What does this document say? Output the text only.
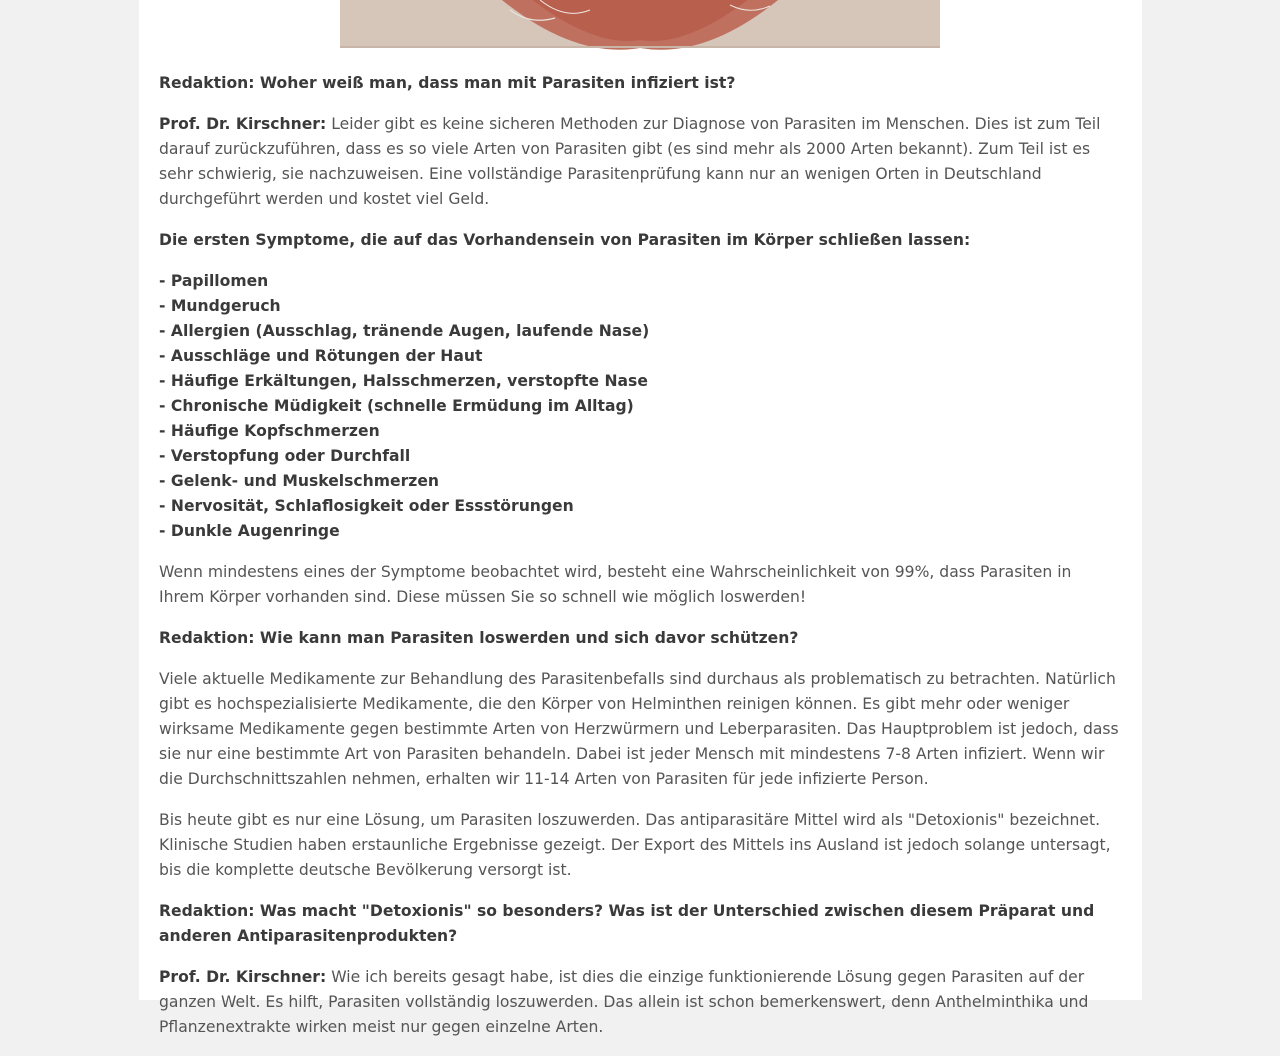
Redaktion: Woher weiß man, dass man mit Parasiten infiziert ist?

Prof. Dr. Kirschner: Leider gibt es keine sicheren Methoden zur Diagnose von Parasiten im Menschen. Dies ist zum Teil darauf zurückzuführen, dass es so viele Arten von Parasiten gibt (es sind mehr als 2000 Arten bekannt). Zum Teil ist es sehr schwierig, sie nachzuweisen. Eine vollständige Parasitenprüfung kann nur an wenigen Orten in Deutschland durchgeführt werden und kostet viel Geld.

Die ersten Symptome, die auf das Vorhandensein von Parasiten im Körper schließen lassen:

- Papillomen
- Mundgeruch
- Allergien (Ausschlag, tränende Augen, laufende Nase)
- Ausschläge und Rötungen der Haut
- Häufige Erkältungen, Halsschmerzen, verstopfte Nase
- Chronische Müdigkeit (schnelle Ermüdung im Alltag)
- Häufige Kopfschmerzen
- Verstopfung oder Durchfall
- Gelenk- und Muskelschmerzen
- Nervosität, Schlaflosigkeit oder Essstörungen
- Dunkle Augenringe

Wenn mindestens eines der Symptome beobachtet wird, besteht eine Wahrscheinlichkeit von 99%, dass Parasiten in Ihrem Körper vorhanden sind. Diese müssen Sie so schnell wie möglich loswerden!

Redaktion: Wie kann man Parasiten loswerden und sich davor schützen?

Viele aktuelle Medikamente zur Behandlung des Parasitenbefalls sind durchaus als problematisch zu betrachten. Natürlich gibt es hochspezialisierte Medikamente, die den Körper von Helminthen reinigen können. Es gibt mehr oder weniger wirksame Medikamente gegen bestimmte Arten von Herzwürmern und Leberparasiten. Das Hauptproblem ist jedoch, dass sie nur eine bestimmte Art von Parasiten behandeln. Dabei ist jeder Mensch mit mindestens 7-8 Arten infiziert. Wenn wir die Durchschnittszahlen nehmen, erhalten wir 11-14 Arten von Parasiten für jede infizierte Person.

Bis heute gibt es nur eine Lösung, um Parasiten loszuwerden. Das antiparasitäre Mittel wird als "Detoxionis" bezeichnet. Klinische Studien haben erstaunliche Ergebnisse gezeigt. Der Export des Mittels ins Ausland ist jedoch solange untersagt, bis die komplette deutsche Bevölkerung versorgt ist.

Redaktion: Was macht "Detoxionis" so besonders? Was ist der Unterschied zwischen diesem Präparat und anderen Antiparasitenprodukten?

Prof. Dr. Kirschner: Wie ich bereits gesagt habe, ist dies die einzige funktionierende Lösung gegen Parasiten auf der ganzen Welt. Es hilft, Parasiten vollständig loszuwerden. Das allein ist schon bemerkenswert, denn Anthelminthika und Pflanzenextrakte wirken meist nur gegen einzelne Arten.
